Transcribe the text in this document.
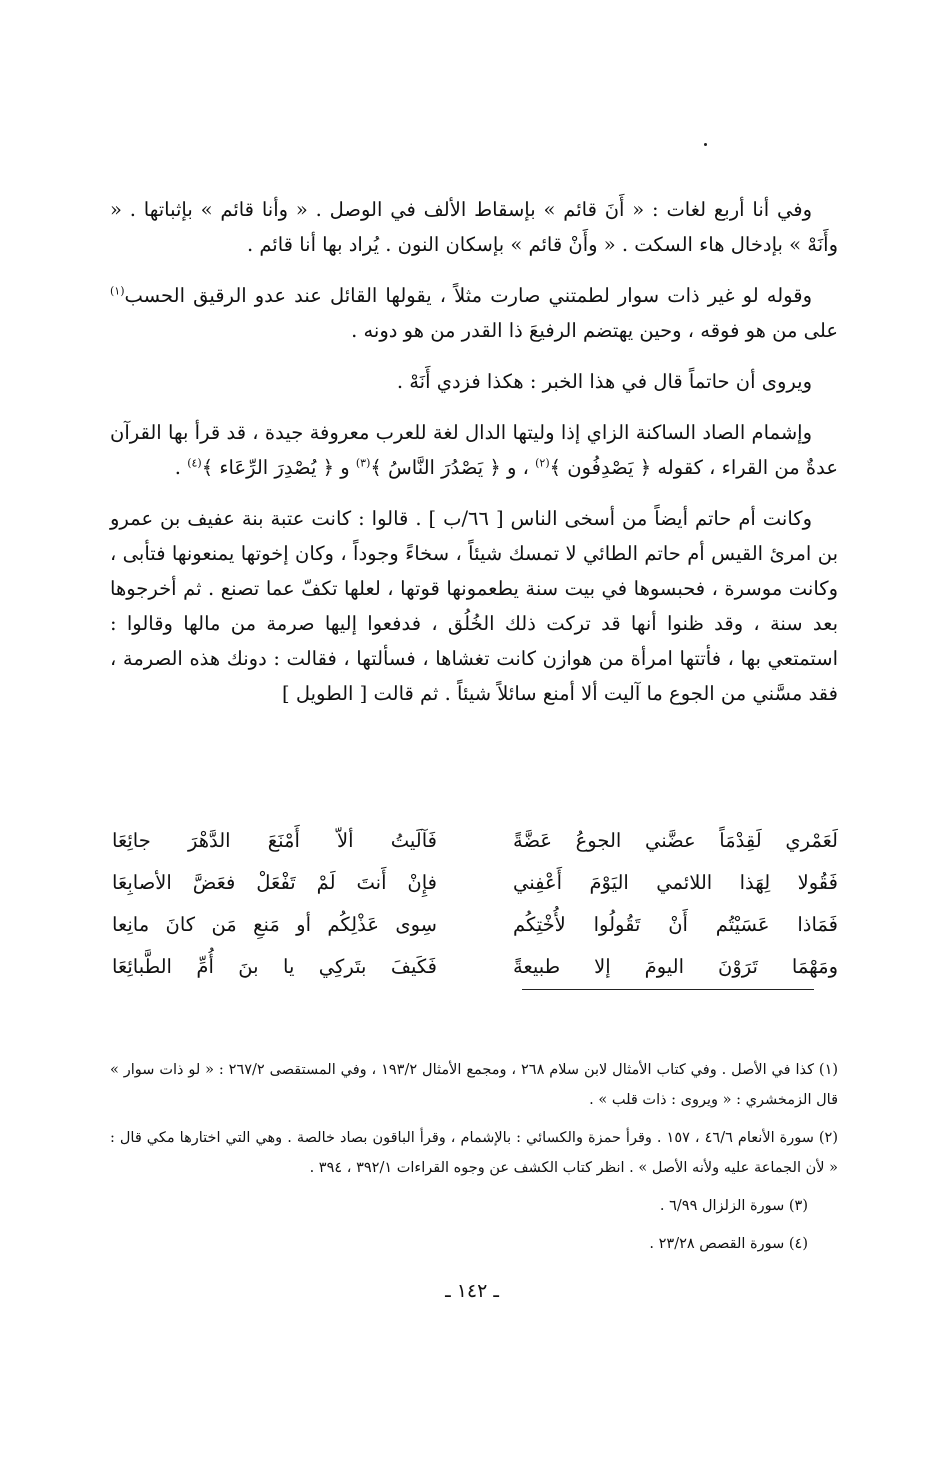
وفي أنا أربع لغات : « أَنَ قائم » بإسقاط الألف في الوصل . « وأنا قائم » بإثباتها . « وأَنَهْ » بإدخال هاء السكت . « وأَنْ قائم » بإسكان النون . يُراد بها أنا قائم .

وقوله لو غير ذات سوار لطمتني صارت مثلاً ، يقولها القائل عند عدو الرقيق الحسب$^{(١)}$ على من هو فوقه ، وحين يهتضم الرفيعَ ذا القدر من هو دونه .

ويروى أن حاتماً قال في هذا الخبر : هكذا فزدي أَنَهْ .

وإشمام الصاد الساكنة الزاي إذا وليتها الدال لغة للعرب معروفة جيدة ، قد قرأ بها القرآن عدةٌ من القراء ، كقوله ﴿ يَصْدِفُون ﴾$^{(٢)}$ ، و ﴿ يَصْدُرَ النَّاسُ ﴾$^{(٣)}$ و ﴿ يُصْدِرَ الرِّعَاء ﴾$^{(٤)}$ .

وكانت أم حاتم أيضاً من أسخى الناس [ ٦٦/ب ] . قالوا : كانت عتبة بنة عفيف بن عمرو بن امرئ القيس أم حاتم الطائي لا تمسك شيئاً ، سخاءً وجوداً ، وكان إخوتها يمنعونها فتأبى ، وكانت موسرة ، فحبسوها في بيت سنة يطعمونها قوتها ، لعلها تكفّ عما تصنع . ثم أخرجوها بعد سنة ، وقد ظنوا أنها قد تركت ذلك الخُلُق ، فدفعوا إليها صرمة من مالها وقالوا : استمتعي بها ، فأتتها امرأة من هوازن كانت تغشاها ، فسألتها ، فقالت : دونك هذه الصرمة ، فقد مسَّني من الجوع ما آليت ألا أمنع سائلاً شيئاً . ثم قالت [ الطويل ]

لَعَمْري لَقِدْمَاً عضَّني الجوعُ عَضَّةً
فَآلَيتُ ألاّ أَمْنَعَ الدَّهْرَ جائِعَا
فَقُولا لِهَذا اللائمي اليَوْمَ أَعْفِني
فإِنْ أَنتَ لَمْ تَفْعَلْ فعَضَّ الأصابِعَا
فَمَاذا عَسَيْتُم أَنْ تَقُولُوا لأُخْتِكُم
سِوى عَذْلِكُم أو مَنعِ مَن كانَ مانِعا
ومَهْمَا تَرَوْنَ اليومَ إلا طبيعةً
فَكَيفَ بتَركِي يا بنَ أُمِّ الطَّبائِعَا

(١) كذا في الأصل . وفي كتاب الأمثال لابن سلام ٢٦٨ ، ومجمع الأمثال ١٩٣/٢ ، وفي المستقصى ٢٦٧/٢ : « لو ذات سوار » قال الزمخشري : « ويروى : ذات قلب » .

(٢) سورة الأنعام ٤٦/٦ ، ١٥٧ . وقرأ حمزة والكسائي : بالإشمام ، وقرأ الباقون بصاد خالصة . وهي التي اختارها مكي قال : « لأن الجماعة عليه ولأنه الأصل » . انظر كتاب الكشف عن وجوه القراءات ٣٩٢/١ ، ٣٩٤ .

(٣) سورة الزلزال ٦/٩٩ .

(٤) سورة القصص ٢٣/٢٨ .

ـ ١٤٢ ـ
